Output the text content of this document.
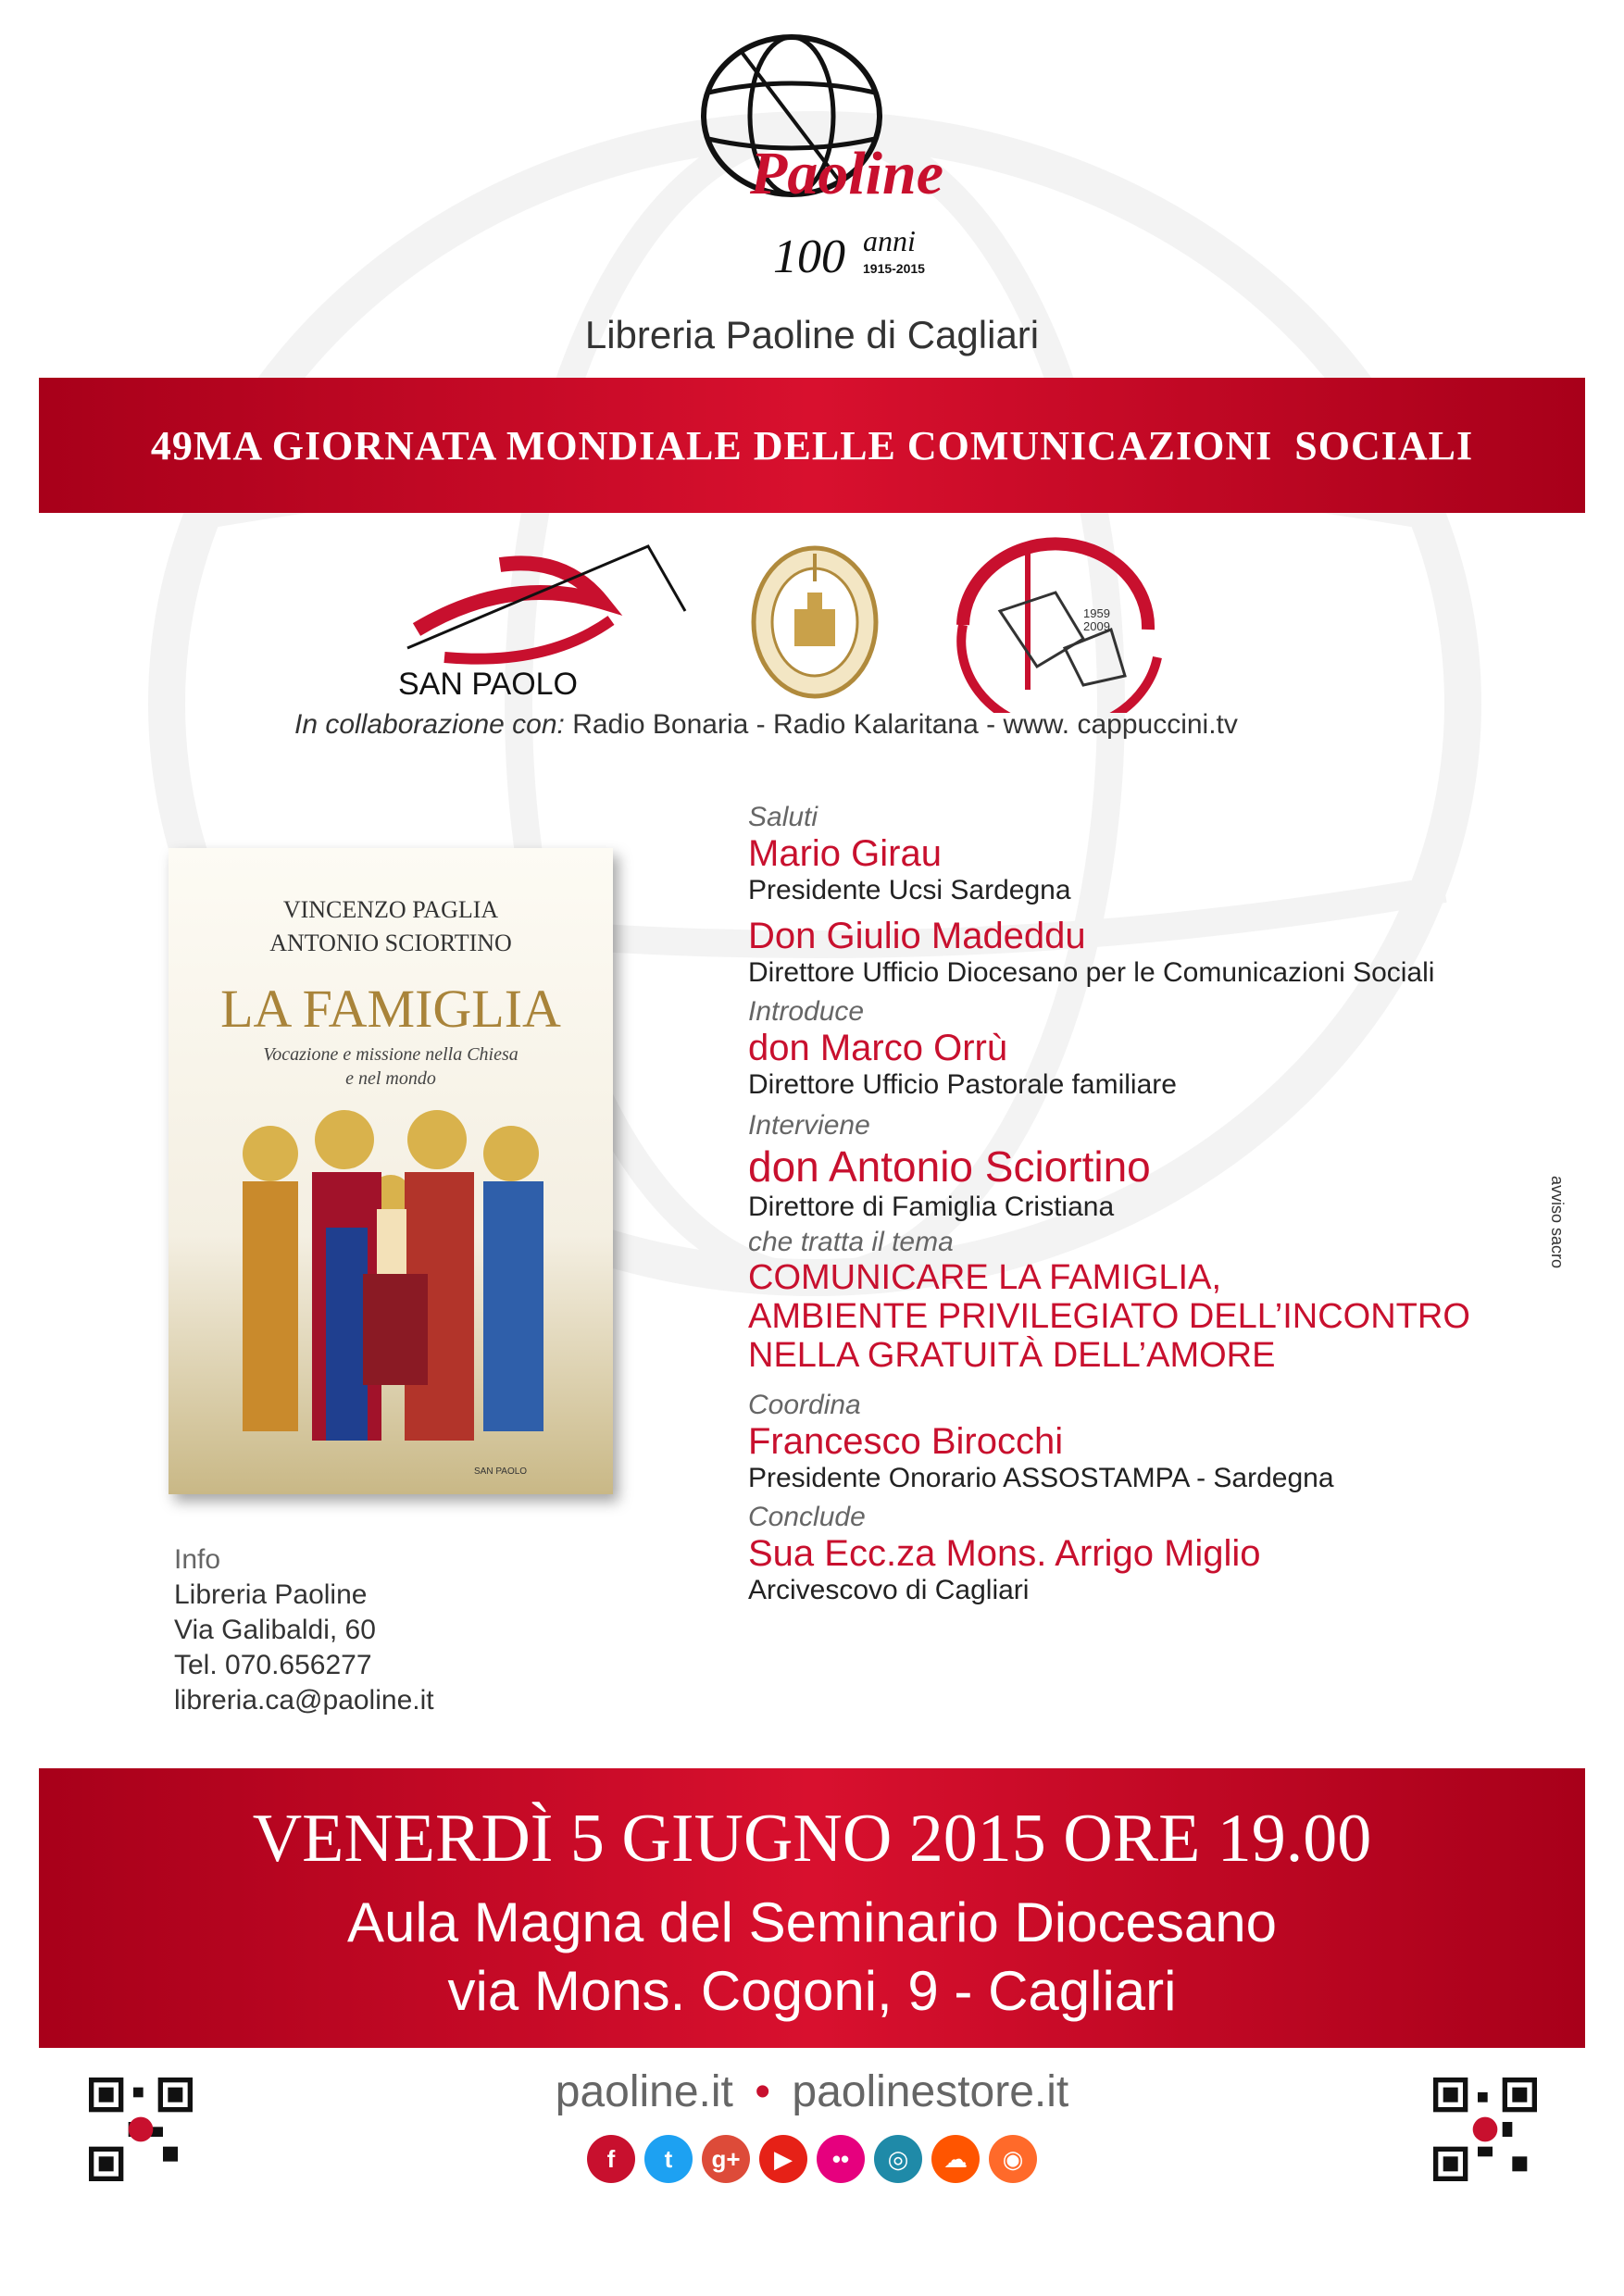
Paoline
100 anni
1915-2015
Libreria Paoline di Cagliari
49MA GIORNATA MONDIALE DELLE COMUNICAZIONI  SOCIALI
SAN PAOLO
1959 2009
In collaborazione con: Radio Bonaria - Radio Kalaritana - www. cappuccini.tv
VINCENZO PAGLIA
ANTONIO SCIORTINO
LA FAMIGLIA
Vocazione e missione nella Chiesa
e nel mondo
SAN PAOLO
Saluti
Mario Girau
Presidente Ucsi Sardegna
Don Giulio Madeddu
Direttore Ufficio Diocesano per le Comunicazioni Sociali
Introduce
don Marco Orrù
Direttore Ufficio Pastorale familiare
Interviene
don Antonio Sciortino
Direttore di Famiglia Cristiana
che tratta il tema
COMUNICARE LA FAMIGLIA,
AMBIENTE PRIVILEGIATO DELL’INCONTRO
NELLA GRATUITÀ DELL’AMORE
Coordina
Francesco Birocchi
Presidente Onorario ASSOSTAMPA - Sardegna
Conclude
Sua Ecc.za Mons. Arrigo Miglio
Arcivescovo di Cagliari
avviso sacro
Info
Libreria Paoline
Via Galibaldi, 60
Tel. 070.656277
libreria.ca@paoline.it
VENERDÌ 5 GIUGNO 2015 ORE 19.00
Aula Magna del Seminario Diocesano
via Mons. Cogoni, 9 - Cagliari
paoline.it • paolinestore.it
f t g+ ▶ •• ◎ ☁ ◉
